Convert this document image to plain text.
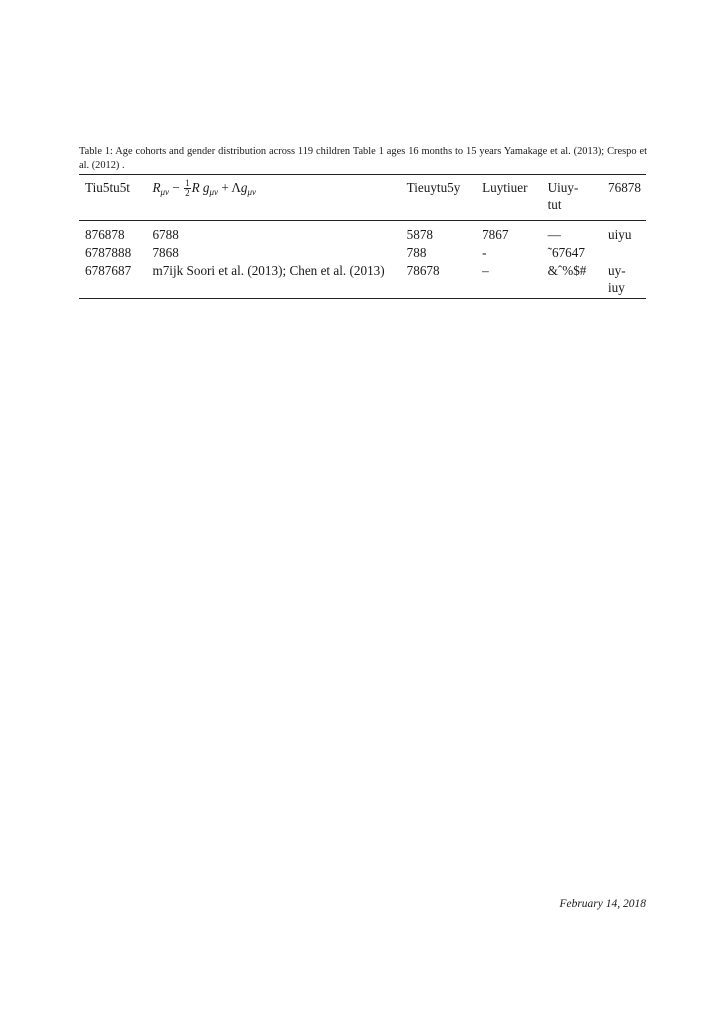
Table 1: Age cohorts and gender distribution across 119 children Table 1 ages 16 months to 15 years Yamakage et al. (2013); Crespo et al. (2012) .
Tiu5tu5t	$R_{\mu\nu} - \frac{1}{2}$ R $g_{\mu\nu} + \Lambda g_{\mu\nu}$	Tieuytu5y	Luytiuer	Uiuy-
tut	76878
876878	6788	5878	7867	—	uiyu
6787888	7868	788	-	˜67647	
6787687	m7ijk Soori et al. (2013); Chen et al. (2013)	78678	–	&ˆ%$#	uy-
iuy
February 14, 2018
